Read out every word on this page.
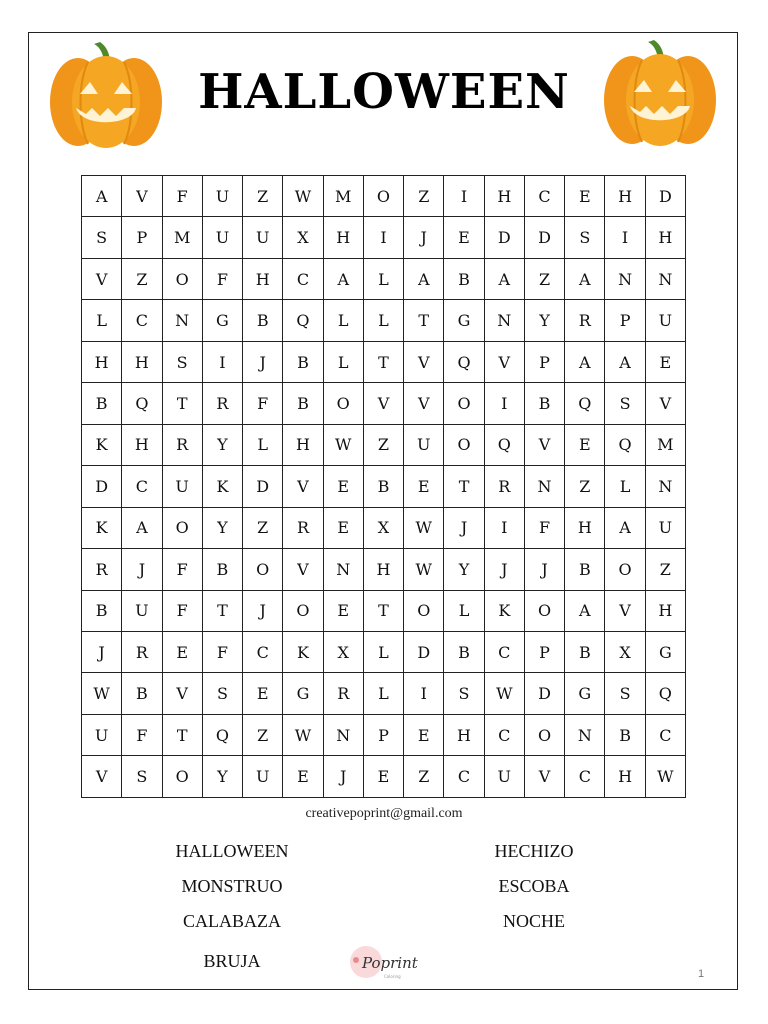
HALLOWEEN
A	V	F	U	Z	W	M	O	Z	I	H	C	E	H	D
S	P	M	U	U	X	H	I	J	E	D	D	S	I	H
V	Z	O	F	H	C	A	L	A	B	A	Z	A	N	N
L	C	N	G	B	Q	L	L	T	G	N	Y	R	P	U
H	H	S	I	J	B	L	T	V	Q	V	P	A	A	E
B	Q	T	R	F	B	O	V	V	O	I	B	Q	S	V
K	H	R	Y	L	H	W	Z	U	O	Q	V	E	Q	M
D	C	U	K	D	V	E	B	E	T	R	N	Z	L	N
K	A	O	Y	Z	R	E	X	W	J	I	F	H	A	U
R	J	F	B	O	V	N	H	W	Y	J	J	B	O	Z
B	U	F	T	J	O	E	T	O	L	K	O	A	V	H
J	R	E	F	C	K	X	L	D	B	C	P	B	X	G
W	B	V	S	E	G	R	L	I	S	W	D	G	S	Q
U	F	T	Q	Z	W	N	P	E	H	C	O	N	B	C
V	S	O	Y	U	E	J	E	Z	C	U	V	C	H	W
creativepoprint@gmail.com
HALLOWEEN
MONSTRUO
CALABAZA
BRUJA
HECHIZO
ESCOBA
NOCHE
Poprint
Coloring	1
